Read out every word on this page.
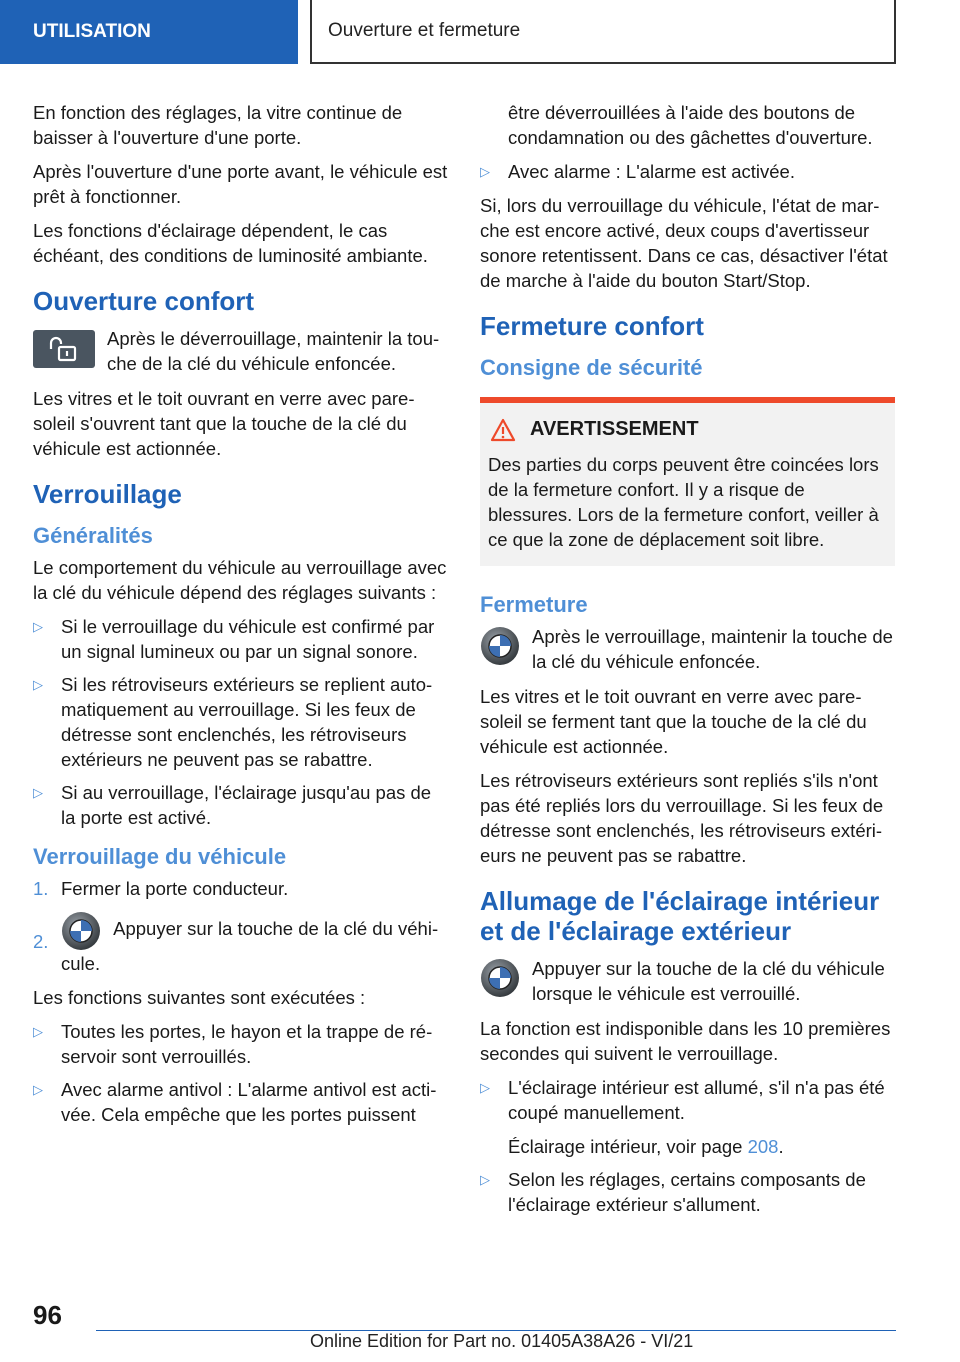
UTILISATION	Ouverture et fermeture

En fonction des réglages, la vitre continue de baisser à l'ouverture d'une porte.

Après l'ouverture d'une porte avant, le véhicule est prêt à fonctionner.

Les fonctions d'éclairage dépendent, le cas échéant, des conditions de luminosité ambiante.

Ouverture confort
Après le déverrouillage, maintenir la touche de la clé du véhicule enfoncée.

Les vitres et le toit ouvrant en verre avec pare-soleil s'ouvrent tant que la touche de la clé du véhicule est actionnée.

Verrouillage
Généralités

Le comportement du véhicule au verrouillage avec la clé du véhicule dépend des réglages suivants :

▷ Si le verrouillage du véhicule est confirmé par un signal lumineux ou par un signal sonore.
▷ Si les rétroviseurs extérieurs se replient automatiquement au verrouillage. Si les feux de détresse sont enclenchés, les rétroviseurs extérieurs ne peuvent pas se rabattre.
▷ Si au verrouillage, l'éclairage jusqu'au pas de la porte est activé.
Verrouillage du véhicule
1. Fermer la porte conducteur.
2.
Appuyer sur la touche de la clé du véhicule.

Les fonctions suivantes sont exécutées :

▷ Toutes les portes, le hayon et la trappe de réservoir sont verrouillés.
▷ Avec alarme antivol : L'alarme antivol est activée. Cela empêche que les portes puissent

être déverrouillées à l'aide des boutons de condamnation ou des gâchettes d'ouverture.

▷ Avec alarme : L'alarme est activée.

Si, lors du verrouillage du véhicule, l'état de marche est encore activé, deux coups d'avertisseur sonore retentissent. Dans ce cas, désactiver l'état de marche à l'aide du bouton Start/Stop.

Fermeture confort
Consigne de sécurité
AVERTISSEMENT
Des parties du corps peuvent être coincées lors de la fermeture confort. Il y a risque de blessures. Lors de la fermeture confort, veiller à ce que la zone de déplacement soit libre.
Fermeture
Après le verrouillage, maintenir la touche de la clé du véhicule enfoncée.

Les vitres et le toit ouvrant en verre avec pare-soleil se ferment tant que la touche de la clé du véhicule est actionnée.

Les rétroviseurs extérieurs sont repliés s'ils n'ont pas été repliés lors du verrouillage. Si les feux de détresse sont enclenchés, les rétroviseurs extérieurs ne peuvent pas se rabattre.

Allumage de l'éclairage intérieur et de l'éclairage extérieur
Appuyer sur la touche de la clé du véhicule lorsque le véhicule est verrouillé.

La fonction est indisponible dans les 10 premières secondes qui suivent le verrouillage.

▷ L'éclairage intérieur est allumé, s'il n'a pas été coupé manuellement.
Éclairage intérieur, voir page 208.
▷ Selon les réglages, certains composants de l'éclairage extérieur s'allument.
96
Online Edition for Part no. 01405A38A26 - VI/21
